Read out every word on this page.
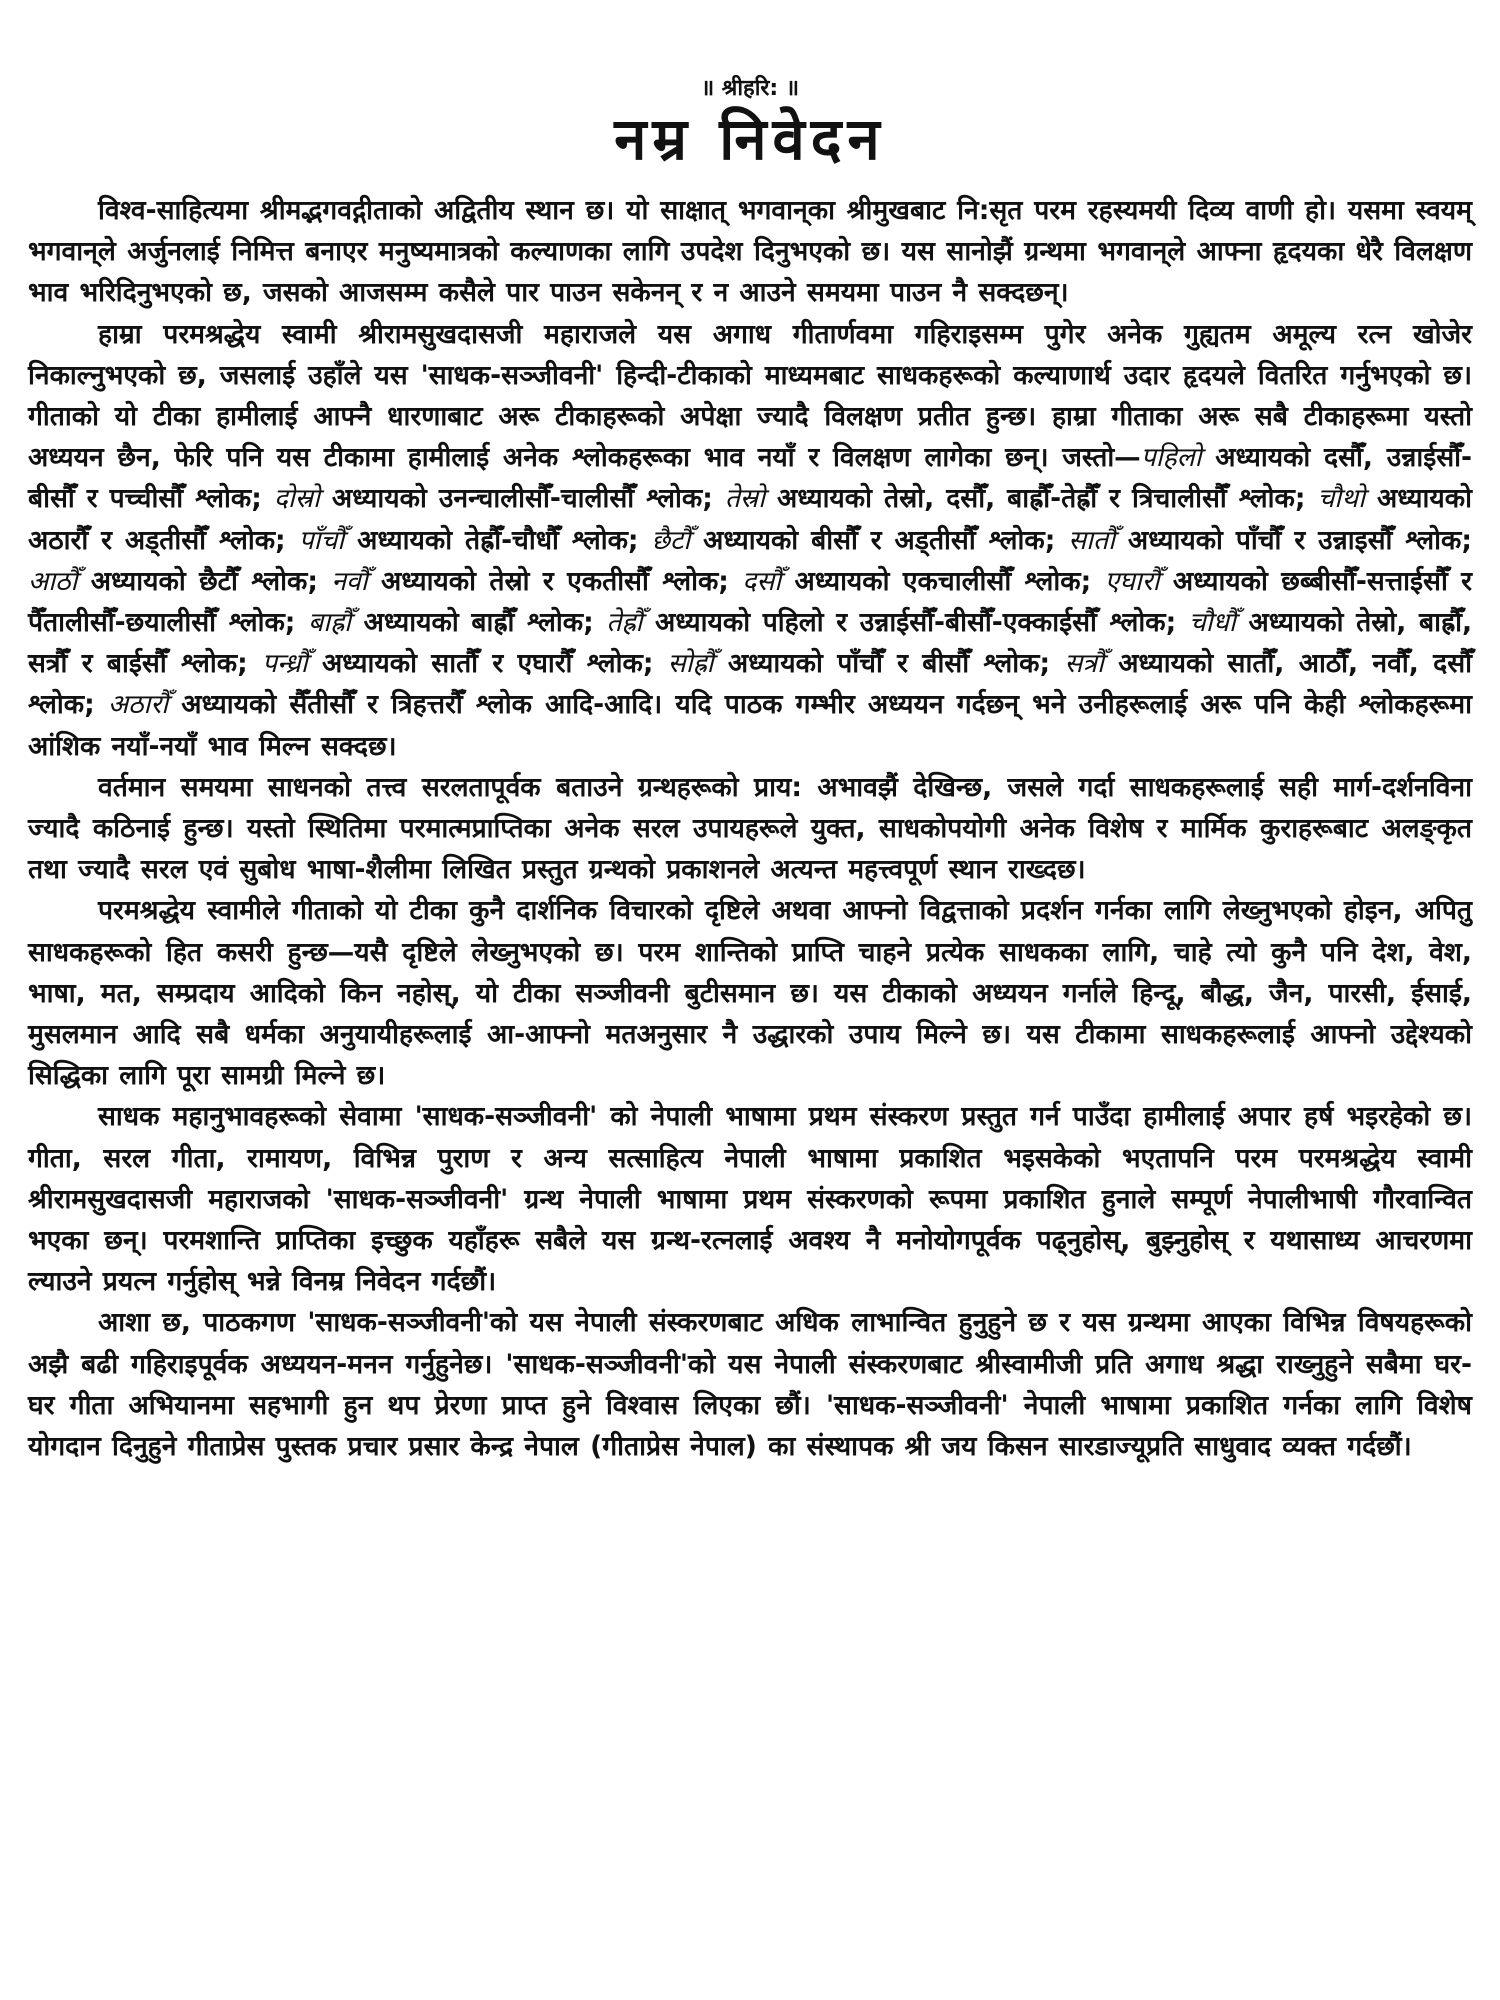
॥ श्रीहरि: ॥
नम्र निवेदन

विश्व-साहित्यमा श्रीमद्भगवद्गीताको अद्वितीय स्थान छ। यो साक्षात् भगवान्‌का श्रीमुखबाट नि:सृत परम रहस्यमयी दिव्य वाणी हो। यसमा स्वयम् भगवान्‌ले अर्जुनलाई निमित्त बनाएर मनुष्यमात्रको कल्याणका लागि उपदेश दिनुभएको छ। यस सानोझैं ग्रन्थमा भगवान्‌ले आफ्ना हृदयका धेरै विलक्षण भाव भरिदिनुभएको छ, जसको आजसम्म कसैले पार पाउन सकेनन् र न आउने समयमा पाउन नै सक्दछन्।

हाम्रा परमश्रद्धेय स्वामी श्रीरामसुखदासजी महाराजले यस अगाध गीतार्णवमा गहिराइसम्म पुगेर अनेक गुह्यतम अमूल्य रत्न खोजेर निकाल्नुभएको छ, जसलाई उहाँले यस 'साधक-सञ्जीवनी' हिन्दी-टीकाको माध्यमबाट साधकहरूको कल्याणार्थ उदार हृदयले वितरित गर्नुभएको छ। गीताको यो टीका हामीलाई आफ्नै धारणाबाट अरू टीकाहरूको अपेक्षा ज्यादै विलक्षण प्रतीत हुन्छ। हाम्रा गीताका अरू सबै टीकाहरूमा यस्तो अध्ययन छैन, फेरि पनि यस टीकामा हामीलाई अनेक श्लोकहरूका भाव नयाँ र विलक्षण लागेका छन्। जस्तो—पहिलो अध्यायको दसौँ, उन्नाईसौँ-बीसौँ र पच्चीसौँ श्लोक; दोस्रो अध्यायको उनन्चालीसौँ-चालीसौँ श्लोक; तेस्रो अध्यायको तेस्रो, दसौँ, बाह्रौँ-तेह्रौँ र त्रिचालीसौँ श्लोक; चौथो अध्यायको अठारौँ र अड्तीसौँ श्लोक; पाँचौँ अध्यायको तेह्रौँ-चौधौँ श्लोक; छैटौँ अध्यायको बीसौँ र अड्तीसौँ श्लोक; सातौँ अध्यायको पाँचौँ र उन्नाइसौँ श्लोक; आठौँ अध्यायको छैटौँ श्लोक; नवौँ अध्यायको तेस्रो र एकतीसौँ श्लोक; दसौँ अध्यायको एकचालीसौँ श्लोक; एघारौँ अध्यायको छब्बीसौँ-सत्ताईसौँ र पैँतालीसौँ-छयालीसौँ श्लोक; बाह्रौँ अध्यायको बाह्रौँ श्लोक; तेह्रौँ अध्यायको पहिलो र उन्नाईसौँ-बीसौँ-एक्काईसौँ श्लोक; चौधौँ अध्यायको तेस्रो, बाह्रौँ, सत्रौँ र बाईसौँ श्लोक; पन्ध्रौँ अध्यायको सातौँ र एघारौँ श्लोक; सोह्रौँ अध्यायको पाँचौँ र बीसौँ श्लोक; सत्रौँ अध्यायको सातौँ, आठौँ, नवौँ, दसौँ श्लोक; अठारौँ अध्यायको सैँतीसौँ र त्रिहत्तरौँ श्लोक आदि-आदि। यदि पाठक गम्भीर अध्ययन गर्दछन् भने उनीहरूलाई अरू पनि केही श्लोकहरूमा आंशिक नयाँ-नयाँ भाव मिल्न सक्दछ।

वर्तमान समयमा साधनको तत्त्व सरलतापूर्वक बताउने ग्रन्थहरूको प्राय: अभावझैं देखिन्छ, जसले गर्दा साधकहरूलाई सही मार्ग-दर्शनविना ज्यादै कठिनाई हुन्छ। यस्तो स्थितिमा परमात्मप्राप्तिका अनेक सरल उपायहरूले युक्त, साधकोपयोगी अनेक विशेष र मार्मिक कुराहरूबाट अलङ्कृत तथा ज्यादै सरल एवं सुबोध भाषा-शैलीमा लिखित प्रस्तुत ग्रन्थको प्रकाशनले अत्यन्त महत्त्वपूर्ण स्थान राख्दछ।

परमश्रद्धेय स्वामीले गीताको यो टीका कुनै दार्शनिक विचारको दृष्टिले अथवा आफ्नो विद्वत्ताको प्रदर्शन गर्नका लागि लेख्नुभएको होइन, अपितु साधकहरूको हित कसरी हुन्छ—यसै दृष्टिले लेख्नुभएको छ। परम शान्तिको प्राप्ति चाहने प्रत्येक साधकका लागि, चाहे त्यो कुनै पनि देश, वेश, भाषा, मत, सम्प्रदाय आदिको किन नहोस्, यो टीका सञ्जीवनी बुटीसमान छ। यस टीकाको अध्ययन गर्नाले हिन्दू, बौद्ध, जैन, पारसी, ईसाई, मुसलमान आदि सबै धर्मका अनुयायीहरूलाई आ-आफ्नो मतअनुसार नै उद्धारको उपाय मिल्ने छ। यस टीकामा साधकहरूलाई आफ्नो उद्देश्यको सिद्धिका लागि पूरा सामग्री मिल्ने छ।

साधक महानुभावहरूको सेवामा 'साधक-सञ्जीवनी' को नेपाली भाषामा प्रथम संस्करण प्रस्तुत गर्न पाउँदा हामीलाई अपार हर्ष भइरहेको छ। गीता, सरल गीता, रामायण, विभिन्न पुराण र अन्य सत्साहित्य नेपाली भाषामा प्रकाशित भइसकेको भएतापनि परम परमश्रद्धेय स्वामी श्रीरामसुखदासजी महाराजको 'साधक-सञ्जीवनी' ग्रन्थ नेपाली भाषामा प्रथम संस्करणको रूपमा प्रकाशित हुनाले सम्पूर्ण नेपालीभाषी गौरवान्वित भएका छन्। परमशान्ति प्राप्तिका इच्छुक यहाँहरू सबैले यस ग्रन्थ-रत्नलाई अवश्य नै मनोयोगपूर्वक पढ्नुहोस्, बुझ्नुहोस् र यथासाध्य आचरणमा ल्याउने प्रयत्न गर्नुहोस् भन्ने विनम्र निवेदन गर्दछौं।

आशा छ, पाठकगण 'साधक-सञ्जीवनी'को यस नेपाली संस्करणबाट अधिक लाभान्वित हुनुहुने छ र यस ग्रन्थमा आएका विभिन्न विषयहरूको अझै बढी गहिराइपूर्वक अध्ययन-मनन गर्नुहुनेछ। 'साधक-सञ्जीवनी'को यस नेपाली संस्करणबाट श्रीस्वामीजी प्रति अगाध श्रद्धा राख्नुहुने सबैमा घर-घर गीता अभियानमा सहभागी हुन थप प्रेरणा प्राप्त हुने विश्वास लिएका छौं। 'साधक-सञ्जीवनी' नेपाली भाषामा प्रकाशित गर्नका लागि विशेष योगदान दिनुहुने गीताप्रेस पुस्तक प्रचार प्रसार केन्द्र नेपाल (गीताप्रेस नेपाल) का संस्थापक श्री जय किसन सारडाज्यूप्रति साधुवाद व्यक्त गर्दछौं।
